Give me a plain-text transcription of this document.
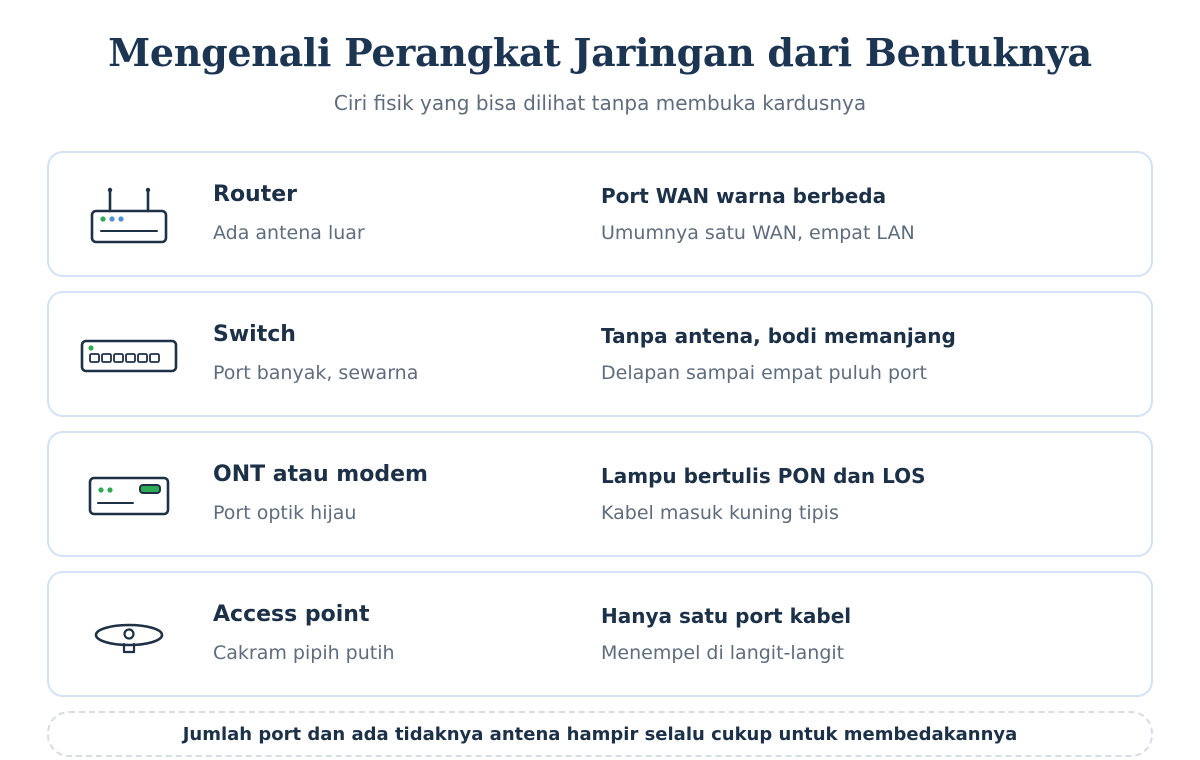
Mengenali Perangkat Jaringan dari Bentuknya

Ciri fisik yang bisa dilihat tanpa membuka kardusnya

Router
Ada antena luar
Port WAN warna berbeda
Umumnya satu WAN, empat LAN
Switch
Port banyak, sewarna
Tanpa antena, bodi memanjang
Delapan sampai empat puluh port
ONT atau modem
Port optik hijau
Lampu bertulis PON dan LOS
Kabel masuk kuning tipis
Access point
Cakram pipih putih
Hanya satu port kabel
Menempel di langit-langit
Jumlah port dan ada tidaknya antena hampir selalu cukup untuk membedakannya
